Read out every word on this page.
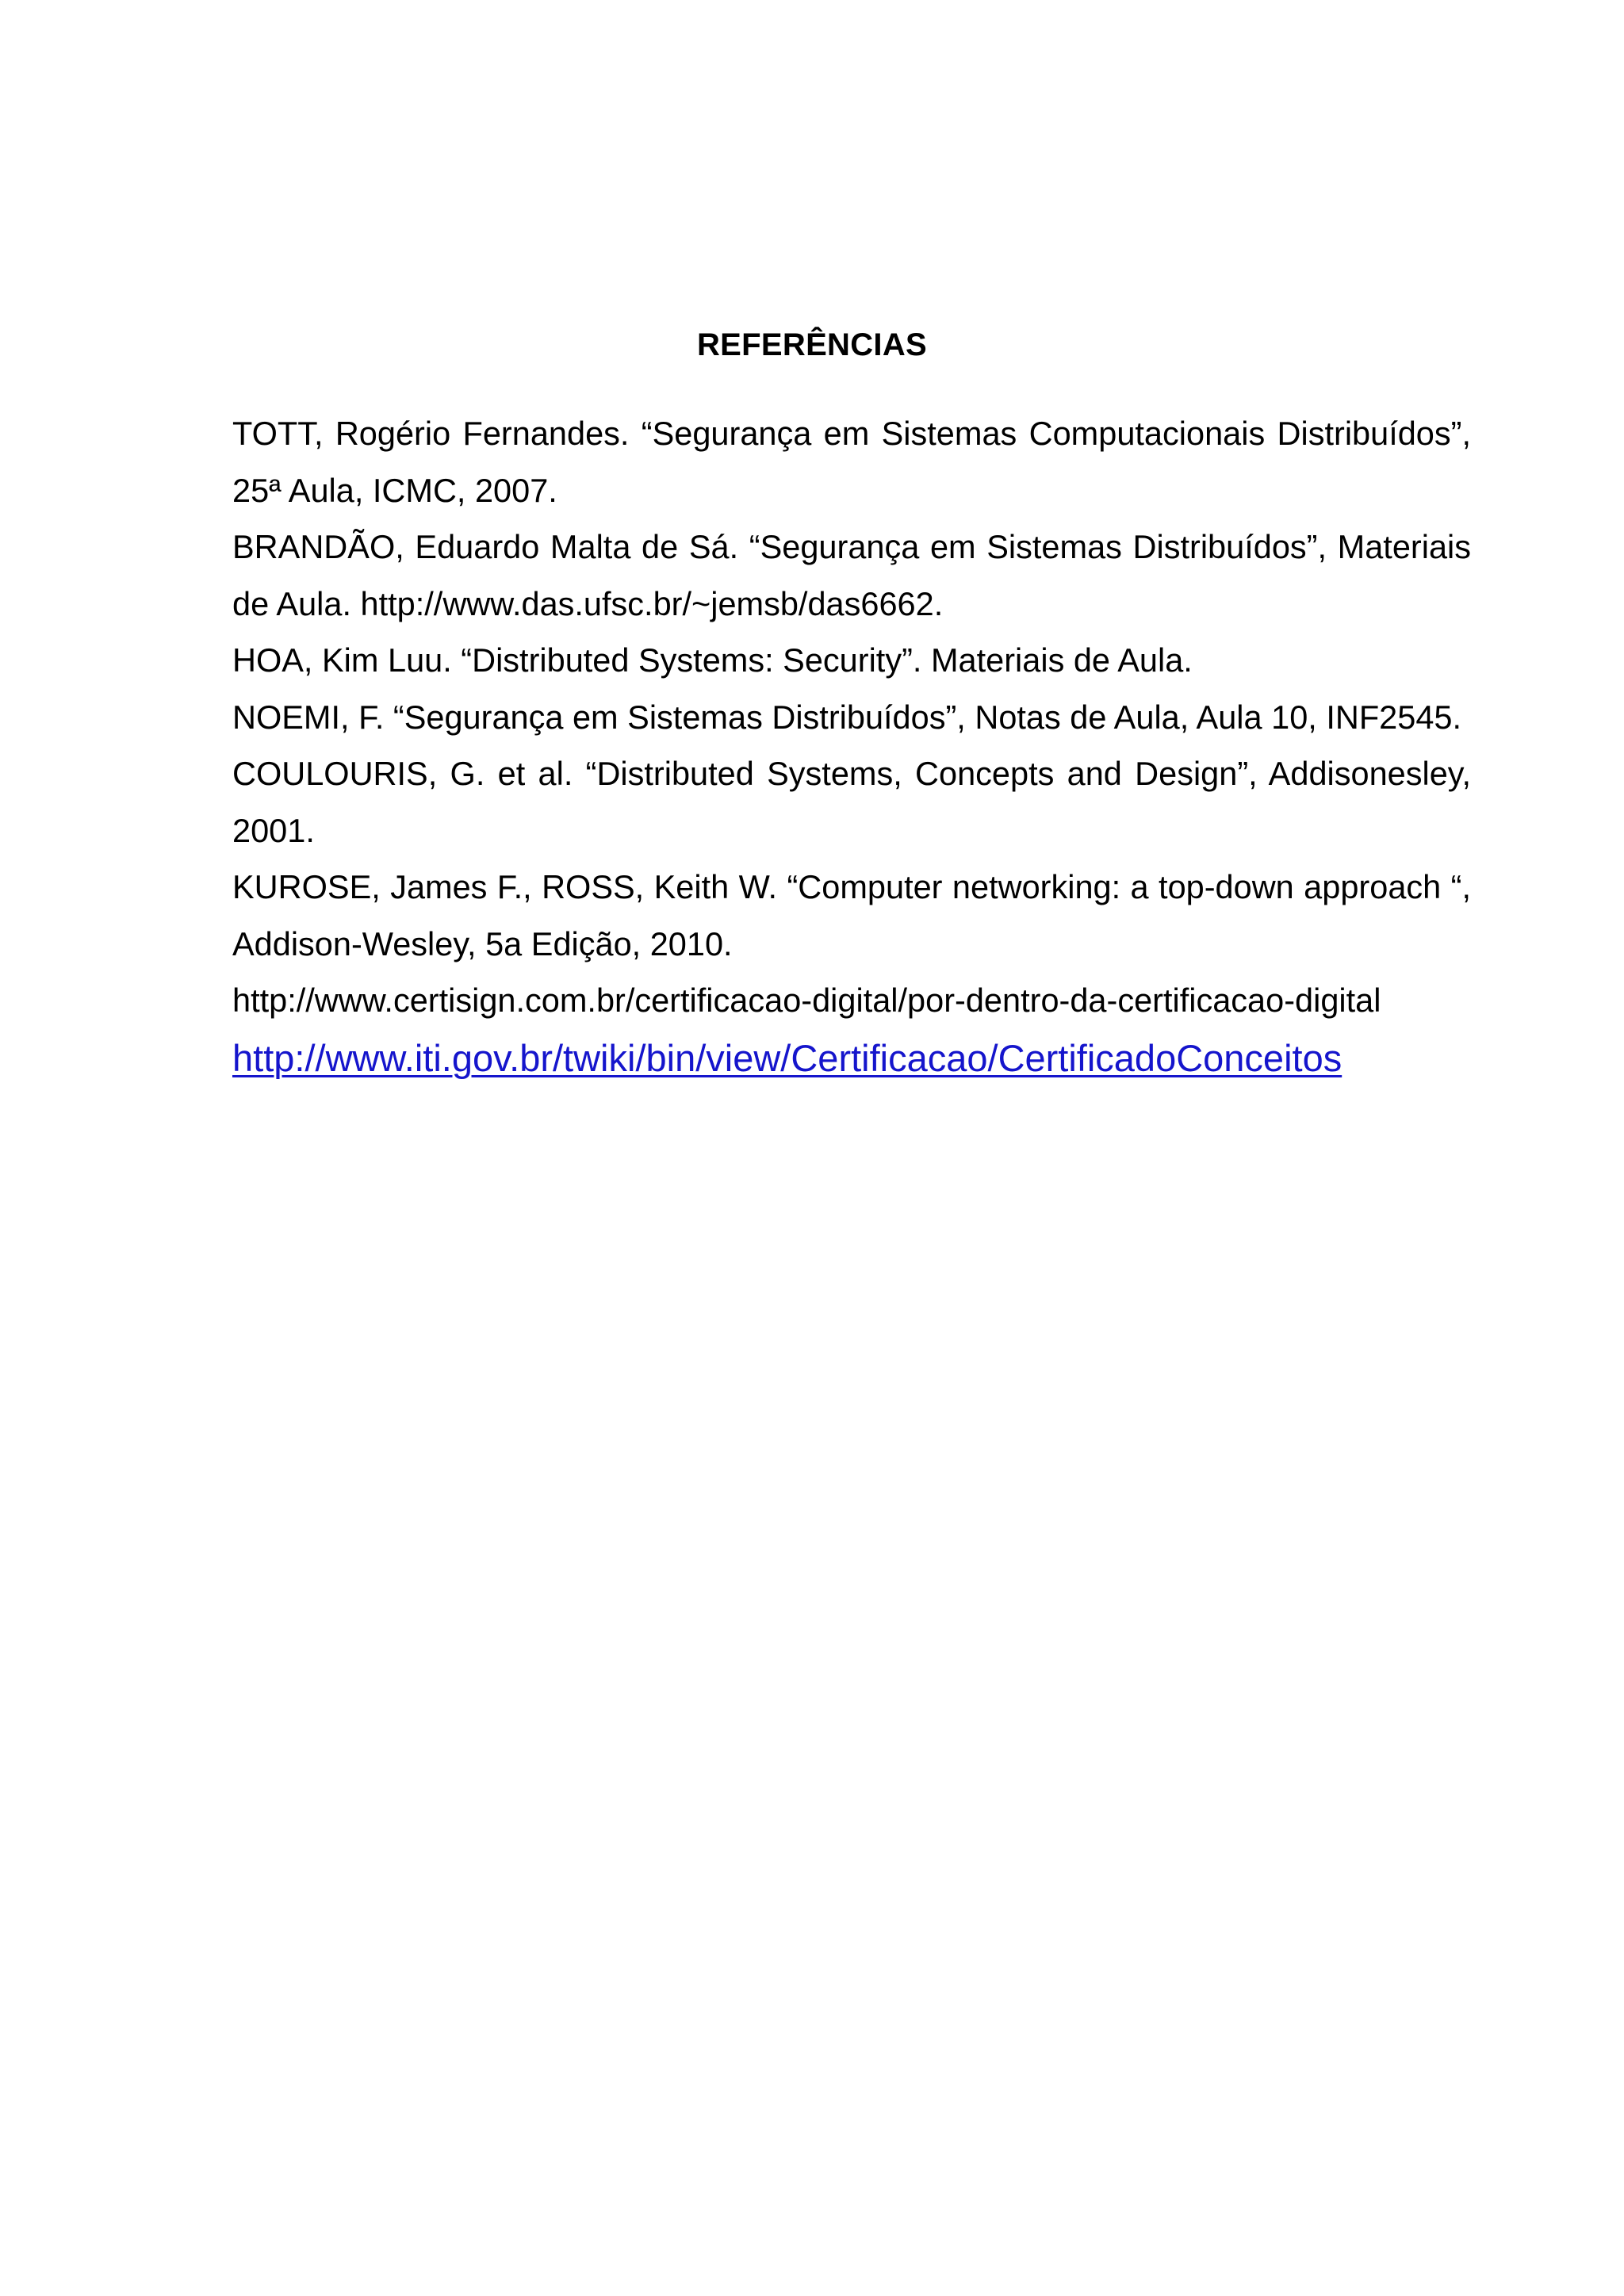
REFERÊNCIAS

TOTT, Rogério Fernandes. “Segurança em Sistemas Computacionais Distribuídos”, 25ª Aula, ICMC, 2007.

BRANDÃO, Eduardo Malta de Sá. “Segurança em Sistemas Distribuídos”, Materiais de Aula. http://www.das.ufsc.br/~jemsb/das6662.

HOA, Kim Luu. “Distributed Systems: Security”. Materiais de Aula.

NOEMI, F. “Segurança em Sistemas Distribuídos”, Notas de Aula, Aula 10, INF2545.

COULOURIS, G. et al. “Distributed Systems, Concepts and Design”, Addisonesley, 2001.

KUROSE, James F., ROSS, Keith W. “Computer networking: a top-down approach “, Addison-Wesley, 5a Edição, 2010.

http://www.certisign.com.br/certificacao-digital/por-dentro-da-certificacao-digital

http://www.iti.gov.br/twiki/bin/view/Certificacao/CertificadoConceitos
